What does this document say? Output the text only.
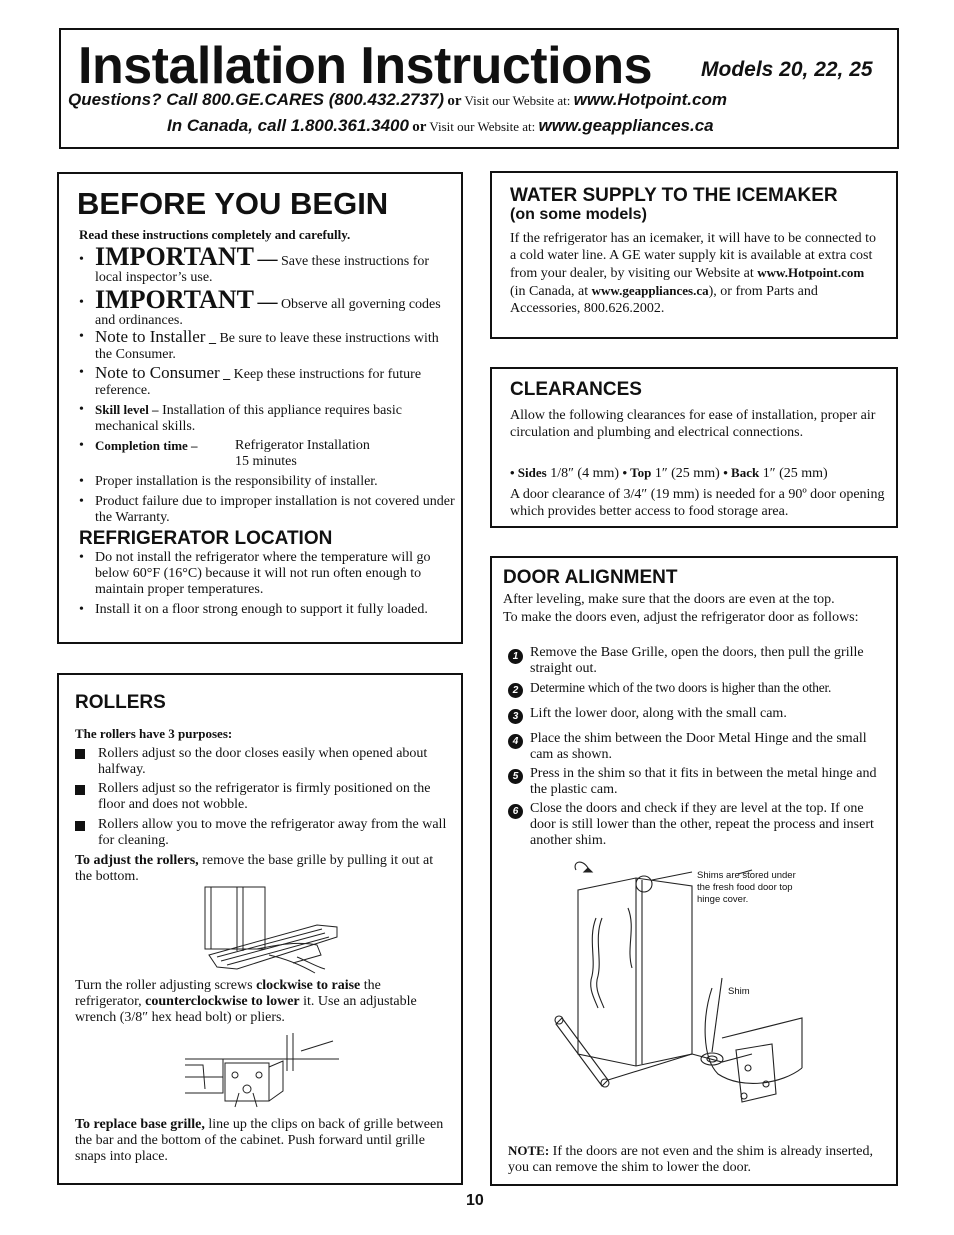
Installation Instructions Models 20, 22, 25
Questions? Call 800.GE.CARES (800.432.2737) or Visit our Website at: www.Hotpoint.com
In Canada, call 1.800.361.3400 or Visit our Website at: www.geappliances.ca
BEFORE YOU BEGIN
Read these instructions completely and carefully.
• IMPORTANT — Save these instructions for local inspector’s use.
• IMPORTANT — Observe all governing codes and ordinances.
• Note to Installer _ Be sure to leave these instructions with the Consumer.
• Note to Consumer _ Keep these instructions for future reference.
• Skill level – Installation of this appliance requires basic mechanical skills.
• Completion time –	Refrigerator Installation
15 minutes
• Proper installation is the responsibility of installer.
• Product failure due to improper installation is not covered under the Warranty.
REFRIGERATOR LOCATION
• Do not install the refrigerator where the temperature will go below 60°F (16°C) because it will not run often enough to maintain proper temperatures.
• Install it on a floor strong enough to support it fully loaded.
ROLLERS
The rollers have 3 purposes:

Rollers adjust so the door closes easily when opened about halfway.

Rollers adjust so the refrigerator is firmly positioned on the floor and does not wobble.

Rollers allow you to move the refrigerator away from the wall for cleaning.

To adjust the rollers, remove the base grille by pulling it out at the bottom.

Turn the roller adjusting screws clockwise to raise the refrigerator, counterclockwise to lower it. Use an adjustable wrench (3/8″ hex head bolt) or pliers.

To replace base grille, line up the clips on back of grille between the bar and the bottom of the cabinet. Push forward until grille snaps into place.

WATER SUPPLY TO THE ICEMAKER
(on some models)

If the refrigerator has an icemaker, it will have to be connected to a cold water line. A GE water supply kit is available at extra cost from your dealer, by visiting our Website at www.Hotpoint.com (in Canada, at www.geappliances.ca), or from Parts and Accessories, 800.626.2002.

CLEARANCES

Allow the following clearances for ease of installation, proper air circulation and plumbing and electrical connections.

• Sides 1/8″ (4 mm) • Top 1″ (25 mm) • Back 1″ (25 mm)

A door clearance of 3/4″ (19 mm) is needed for a 90º door opening which provides better access to food storage area.

DOOR ALIGNMENT

After leveling, make sure that the doors are even at the top.

To make the doors even, adjust the refrigerator door as follows:

1 Remove the Base Grille, open the doors, then pull the grille straight out.

2 Determine which of the two doors is higher than the other.

3 Lift the lower door, along with the small cam.

4 Place the shim between the Door Metal Hinge and the small cam as shown.

5 Press in the shim so that it fits in between the metal hinge and the plastic cam.

6 Close the doors and check if they are level at the top. If one door is still lower than the other, repeat the process and insert another shim.

Shims are stored under the fresh food door top hinge cover.
Shim

NOTE: If the doors are not even and the shim is already inserted, you can remove the shim to lower the door.

10
